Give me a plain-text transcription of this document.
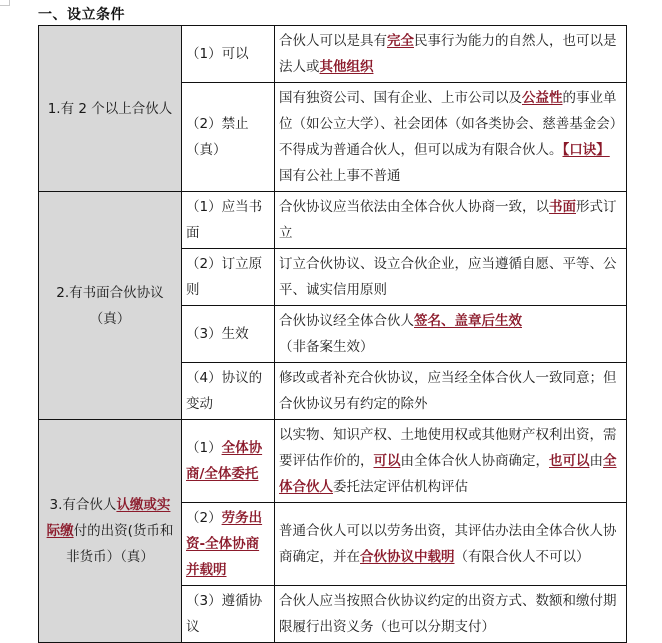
一、设立条件
1.有 2 个以上合伙人	（1）可以	合伙人可以是具有完全民事行为能力的自然人，也可以是法人或其他组织
	（2）禁止（真）	国有独资公司、国有企业、上市公司以及公益性的事业单位（如公立大学）、社会团体（如各类协会、慈善基金会）不得成为普通合伙人，但可以成为有限合伙人。【口诀】国有公社上事不普通
2.有书面合伙协议（真）	（1）应当书面	合伙协议应当依法由全体合伙人协商一致，以书面形式订立
	（2）订立原则	订立合伙协议、设立合伙企业，应当遵循自愿、平等、公平、诚实信用原则
	（3）生效	合伙协议经全体合伙人签名、盖章后生效
（非备案生效）
	（4）协议的变动	修改或者补充合伙协议，应当经全体合伙人一致同意；但合伙协议另有约定的除外
3.有合伙人认缴或实际缴付的出资(货币和非货币）（真）	（1）全体协商/全体委托	以实物、知识产权、土地使用权或其他财产权利出资，需要评估作价的，可以由全体合伙人协商确定，也可以由全体合伙人委托法定评估机构评估
	（2）劳务出资-全体协商并载明	普通合伙人可以以劳务出资，其评估办法由全体合伙人协商确定，并在合伙协议中载明（有限合伙人不可以）
	（3）遵循协议	合伙人应当按照合伙协议约定的出资方式、数额和缴付期限履行出资义务（也可以分期支付）
